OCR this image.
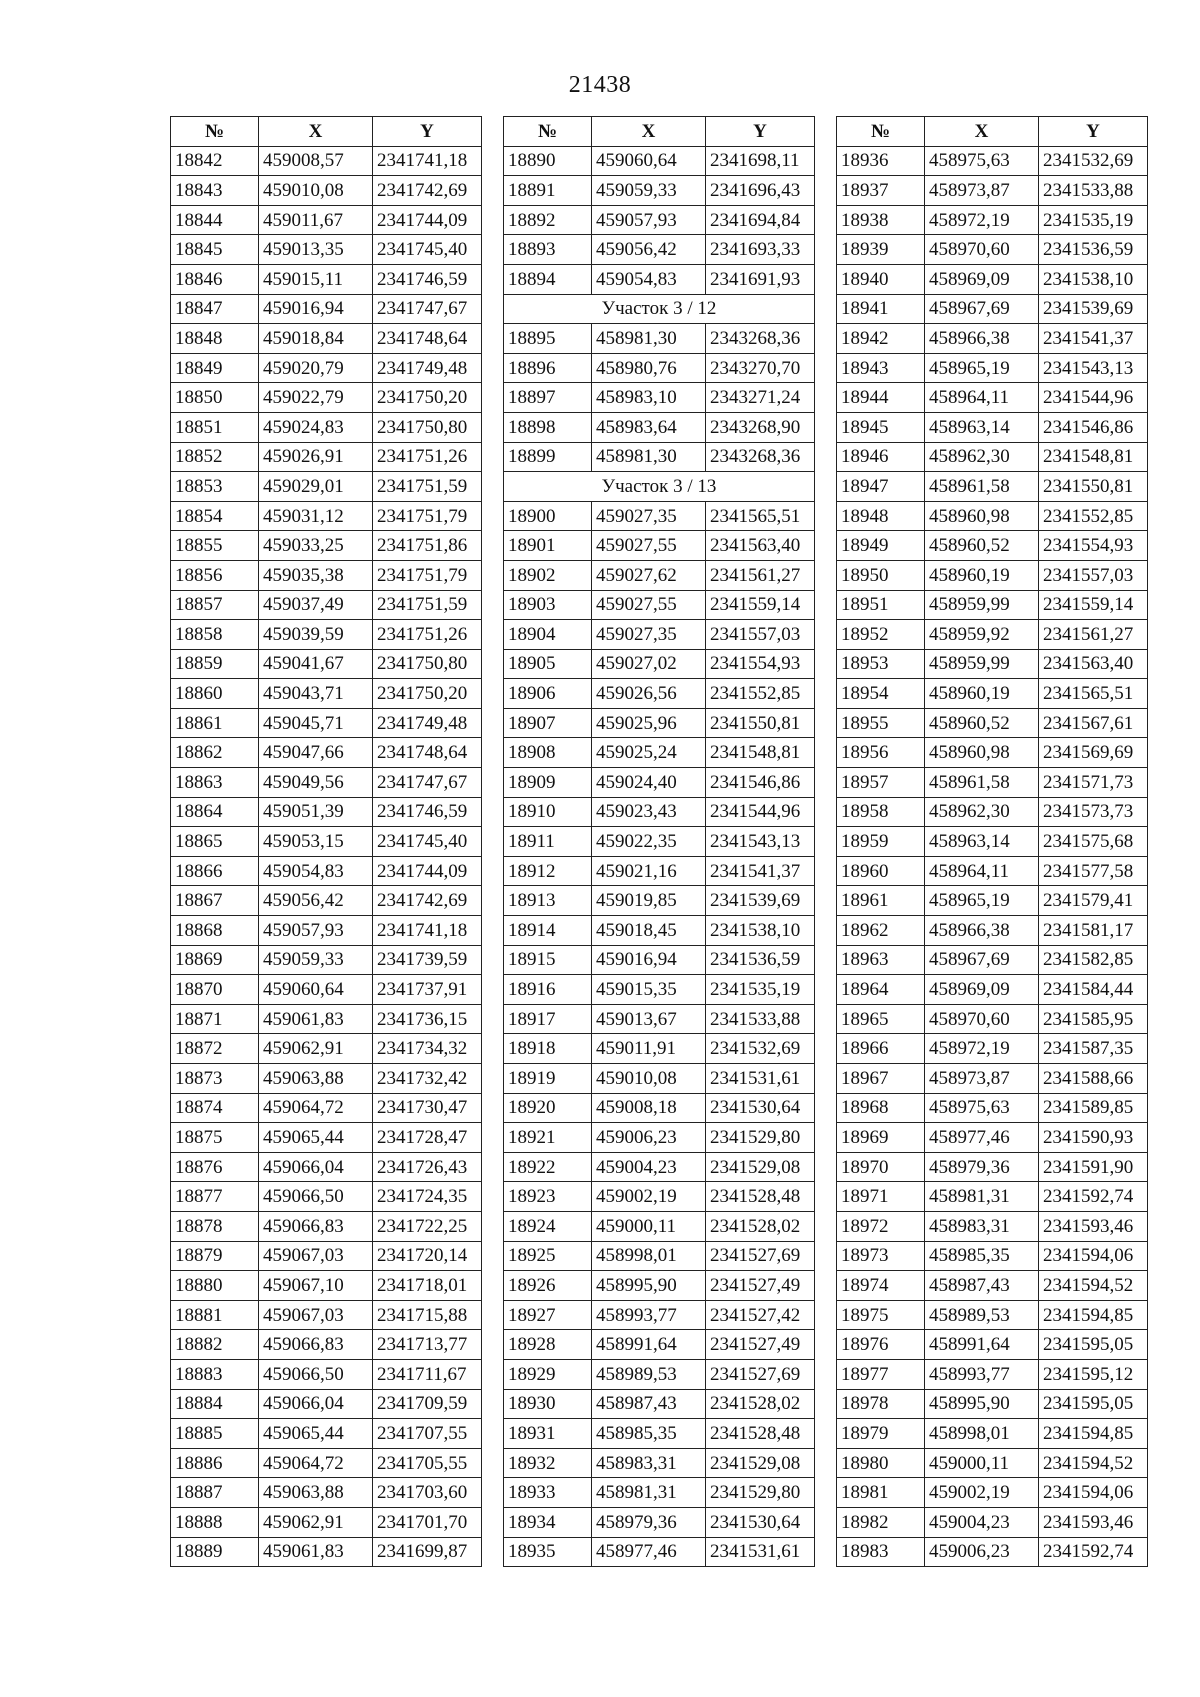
21438
№	X	Y
18842	459008,57	2341741,18
18843	459010,08	2341742,69
18844	459011,67	2341744,09
18845	459013,35	2341745,40
18846	459015,11	2341746,59
18847	459016,94	2341747,67
18848	459018,84	2341748,64
18849	459020,79	2341749,48
18850	459022,79	2341750,20
18851	459024,83	2341750,80
18852	459026,91	2341751,26
18853	459029,01	2341751,59
18854	459031,12	2341751,79
18855	459033,25	2341751,86
18856	459035,38	2341751,79
18857	459037,49	2341751,59
18858	459039,59	2341751,26
18859	459041,67	2341750,80
18860	459043,71	2341750,20
18861	459045,71	2341749,48
18862	459047,66	2341748,64
18863	459049,56	2341747,67
18864	459051,39	2341746,59
18865	459053,15	2341745,40
18866	459054,83	2341744,09
18867	459056,42	2341742,69
18868	459057,93	2341741,18
18869	459059,33	2341739,59
18870	459060,64	2341737,91
18871	459061,83	2341736,15
18872	459062,91	2341734,32
18873	459063,88	2341732,42
18874	459064,72	2341730,47
18875	459065,44	2341728,47
18876	459066,04	2341726,43
18877	459066,50	2341724,35
18878	459066,83	2341722,25
18879	459067,03	2341720,14
18880	459067,10	2341718,01
18881	459067,03	2341715,88
18882	459066,83	2341713,77
18883	459066,50	2341711,67
18884	459066,04	2341709,59
18885	459065,44	2341707,55
18886	459064,72	2341705,55
18887	459063,88	2341703,60
18888	459062,91	2341701,70
18889	459061,83	2341699,87
№	X	Y
18890	459060,64	2341698,11
18891	459059,33	2341696,43
18892	459057,93	2341694,84
18893	459056,42	2341693,33
18894	459054,83	2341691,93
Участок 3 / 12		
18895	458981,30	2343268,36
18896	458980,76	2343270,70
18897	458983,10	2343271,24
18898	458983,64	2343268,90
18899	458981,30	2343268,36
Участок 3 / 13		
18900	459027,35	2341565,51
18901	459027,55	2341563,40
18902	459027,62	2341561,27
18903	459027,55	2341559,14
18904	459027,35	2341557,03
18905	459027,02	2341554,93
18906	459026,56	2341552,85
18907	459025,96	2341550,81
18908	459025,24	2341548,81
18909	459024,40	2341546,86
18910	459023,43	2341544,96
18911	459022,35	2341543,13
18912	459021,16	2341541,37
18913	459019,85	2341539,69
18914	459018,45	2341538,10
18915	459016,94	2341536,59
18916	459015,35	2341535,19
18917	459013,67	2341533,88
18918	459011,91	2341532,69
18919	459010,08	2341531,61
18920	459008,18	2341530,64
18921	459006,23	2341529,80
18922	459004,23	2341529,08
18923	459002,19	2341528,48
18924	459000,11	2341528,02
18925	458998,01	2341527,69
18926	458995,90	2341527,49
18927	458993,77	2341527,42
18928	458991,64	2341527,49
18929	458989,53	2341527,69
18930	458987,43	2341528,02
18931	458985,35	2341528,48
18932	458983,31	2341529,08
18933	458981,31	2341529,80
18934	458979,36	2341530,64
18935	458977,46	2341531,61
№	X	Y
18936	458975,63	2341532,69
18937	458973,87	2341533,88
18938	458972,19	2341535,19
18939	458970,60	2341536,59
18940	458969,09	2341538,10
18941	458967,69	2341539,69
18942	458966,38	2341541,37
18943	458965,19	2341543,13
18944	458964,11	2341544,96
18945	458963,14	2341546,86
18946	458962,30	2341548,81
18947	458961,58	2341550,81
18948	458960,98	2341552,85
18949	458960,52	2341554,93
18950	458960,19	2341557,03
18951	458959,99	2341559,14
18952	458959,92	2341561,27
18953	458959,99	2341563,40
18954	458960,19	2341565,51
18955	458960,52	2341567,61
18956	458960,98	2341569,69
18957	458961,58	2341571,73
18958	458962,30	2341573,73
18959	458963,14	2341575,68
18960	458964,11	2341577,58
18961	458965,19	2341579,41
18962	458966,38	2341581,17
18963	458967,69	2341582,85
18964	458969,09	2341584,44
18965	458970,60	2341585,95
18966	458972,19	2341587,35
18967	458973,87	2341588,66
18968	458975,63	2341589,85
18969	458977,46	2341590,93
18970	458979,36	2341591,90
18971	458981,31	2341592,74
18972	458983,31	2341593,46
18973	458985,35	2341594,06
18974	458987,43	2341594,52
18975	458989,53	2341594,85
18976	458991,64	2341595,05
18977	458993,77	2341595,12
18978	458995,90	2341595,05
18979	458998,01	2341594,85
18980	459000,11	2341594,52
18981	459002,19	2341594,06
18982	459004,23	2341593,46
18983	459006,23	2341592,74
